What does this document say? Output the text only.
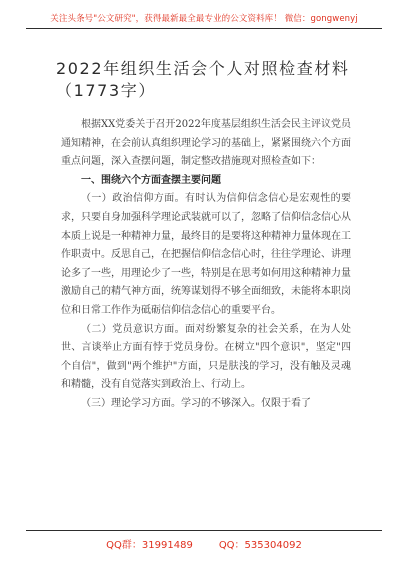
关注头条号"公文研究"，获得最新最全最专业的公文资料库！ 微信：gongwenyj
2022年组织生活会个人对照检查材料（1773字）

根据XX党委关于召开2022年度基层组织生活会民主评议党员通知精神，在会前认真组织理论学习的基础上，紧紧围绕六个方面重点问题，深入查摆问题，制定整改措施现对照检查如下：

一、围绕六个方面查摆主要问题

（一）政治信仰方面。有时认为信仰信念信心是宏观性的要求，只要自身加强科学理论武装就可以了，忽略了信仰信念信心从本质上说是一种精神力量，最终目的是要将这种精神力量体现在工作职责中。反思自己，在把握信仰信念信心时，往往学理论、讲理论多了一些，用理论少了一些，特别是在思考如何用这种精神力量激励自己的精气神方面，统筹谋划得不够全面细致，未能将本职岗位和日常工作作为砥砺信仰信念信心的重要平台。

（二）党员意识方面。面对纷繁复杂的社会关系，在为人处世、言谈举止方面有悖于党员身份。在树立"四个意识"，坚定"四个自信"，做到"两个维护"方面，只是肤浅的学习，没有触及灵魂和精髓，没有自觉落实到政治上、行动上。

（三）理论学习方面。学习的不够深入。仅限于看了

QQ群：31991489	QQ：535304092
